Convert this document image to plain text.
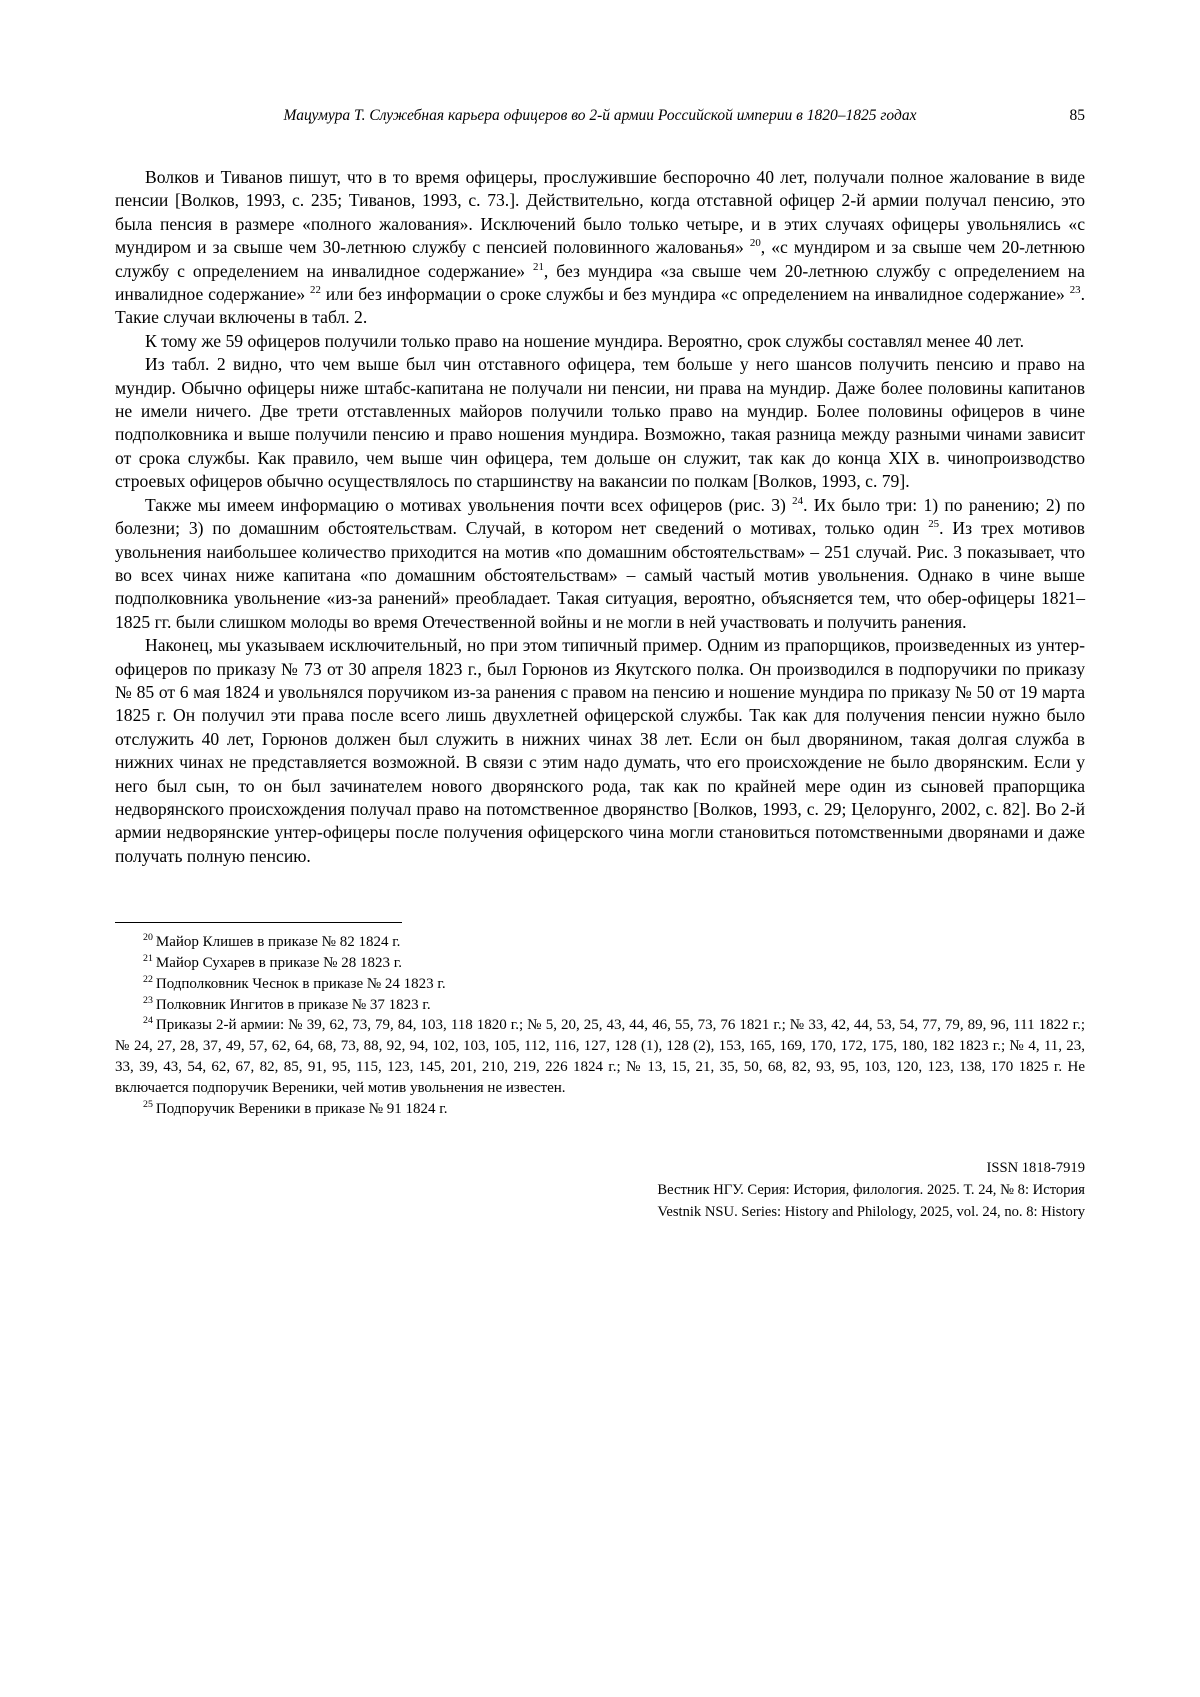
Мацумура Т. Служебная карьера офицеров во 2-й армии Российской империи в 1820–1825 годах	85

Волков и Тиванов пишут, что в то время офицеры, прослужившие беспорочно 40 лет, получали полное жалование в виде пенсии [Волков, 1993, с. 235; Тиванов, 1993, с. 73.]. Действительно, когда отставной офицер 2-й армии получал пенсию, это была пенсия в размере «полного жалования». Исключений было только четыре, и в этих случаях офицеры увольнялись «с мундиром и за свыше чем 30-летнюю службу с пенсией половинного жалованья» $^{20}$, «с мундиром и за свыше чем 20-летнюю службу с определением на инвалидное содержание» $^{21}$, без мундира «за свыше чем 20-летнюю службу с определением на инвалидное содержание» $^{22}$ или без информации о сроке службы и без мундира «с определением на инвалидное содержание» $^{23}$. Такие случаи включены в табл. 2.

К тому же 59 офицеров получили только право на ношение мундира. Вероятно, срок службы составлял менее 40 лет.

Из табл. 2 видно, что чем выше был чин отставного офицера, тем больше у него шансов получить пенсию и право на мундир. Обычно офицеры ниже штабс-капитана не получали ни пенсии, ни права на мундир. Даже более половины капитанов не имели ничего. Две трети отставленных майоров получили только право на мундир. Более половины офицеров в чине подполковника и выше получили пенсию и право ношения мундира. Возможно, такая разница между разными чинами зависит от срока службы. Как правило, чем выше чин офицера, тем дольше он служит, так как до конца XIX в. чинопроизводство строевых офицеров обычно осуществлялось по старшинству на вакансии по полкам [Волков, 1993, с. 79].

Также мы имеем информацию о мотивах увольнения почти всех офицеров (рис. 3) $^{24}$. Их было три: 1) по ранению; 2) по болезни; 3) по домашним обстоятельствам. Случай, в котором нет сведений о мотивах, только один $^{25}$. Из трех мотивов увольнения наибольшее количество приходится на мотив «по домашним обстоятельствам» – 251 случай. Рис. 3 показывает, что во всех чинах ниже капитана «по домашним обстоятельствам» – самый частый мотив увольнения. Однако в чине выше подполковника увольнение «из-за ранений» преобладает. Такая ситуация, вероятно, объясняется тем, что обер-офицеры 1821–1825 гг. были слишком молоды во время Отечественной войны и не могли в ней участвовать и получить ранения.

Наконец, мы указываем исключительный, но при этом типичный пример. Одним из прапорщиков, произведенных из унтер-офицеров по приказу № 73 от 30 апреля 1823 г., был Горюнов из Якутского полка. Он производился в подпоручики по приказу № 85 от 6 мая 1824 и увольнялся поручиком из-за ранения с правом на пенсию и ношение мундира по приказу № 50 от 19 марта 1825 г. Он получил эти права после всего лишь двухлетней офицерской службы. Так как для получения пенсии нужно было отслужить 40 лет, Горюнов должен был служить в нижних чинах 38 лет. Если он был дворянином, такая долгая служба в нижних чинах не представляется возможной. В связи с этим надо думать, что его происхождение не было дворянским. Если у него был сын, то он был зачинателем нового дворянского рода, так как по крайней мере один из сыновей прапорщика недворянского происхождения получал право на потомственное дворянство [Волков, 1993, с. 29; Целорунго, 2002, с. 82]. Во 2-й армии недворянские унтер-офицеры после получения офицерского чина могли становиться потомственными дворянами и даже получать полную пенсию.

$^{20}$ Майор Клишев в приказе № 82 1824 г.

$^{21}$ Майор Сухарев в приказе № 28 1823 г.

$^{22}$ Подполковник Чеснок в приказе № 24 1823 г.

$^{23}$ Полковник Ингитов в приказе № 37 1823 г.

$^{24}$ Приказы 2-й армии: № 39, 62, 73, 79, 84, 103, 118 1820 г.; № 5, 20, 25, 43, 44, 46, 55, 73, 76 1821 г.; № 33, 42, 44, 53, 54, 77, 79, 89, 96, 111 1822 г.; № 24, 27, 28, 37, 49, 57, 62, 64, 68, 73, 88, 92, 94, 102, 103, 105, 112, 116, 127, 128 (1), 128 (2), 153, 165, 169, 170, 172, 175, 180, 182 1823 г.; № 4, 11, 23, 33, 39, 43, 54, 62, 67, 82, 85, 91, 95, 115, 123, 145, 201, 210, 219, 226 1824 г.; № 13, 15, 21, 35, 50, 68, 82, 93, 95, 103, 120, 123, 138, 170 1825 г. Не включается подпоручик Вереники, чей мотив увольнения не известен.

$^{25}$ Подпоручик Вереники в приказе № 91 1824 г.

ISSN 1818-7919
Вестник НГУ. Серия: История, филология. 2025. Т. 24, № 8: История
Vestnik NSU. Series: History and Philology, 2025, vol. 24, no. 8: History
